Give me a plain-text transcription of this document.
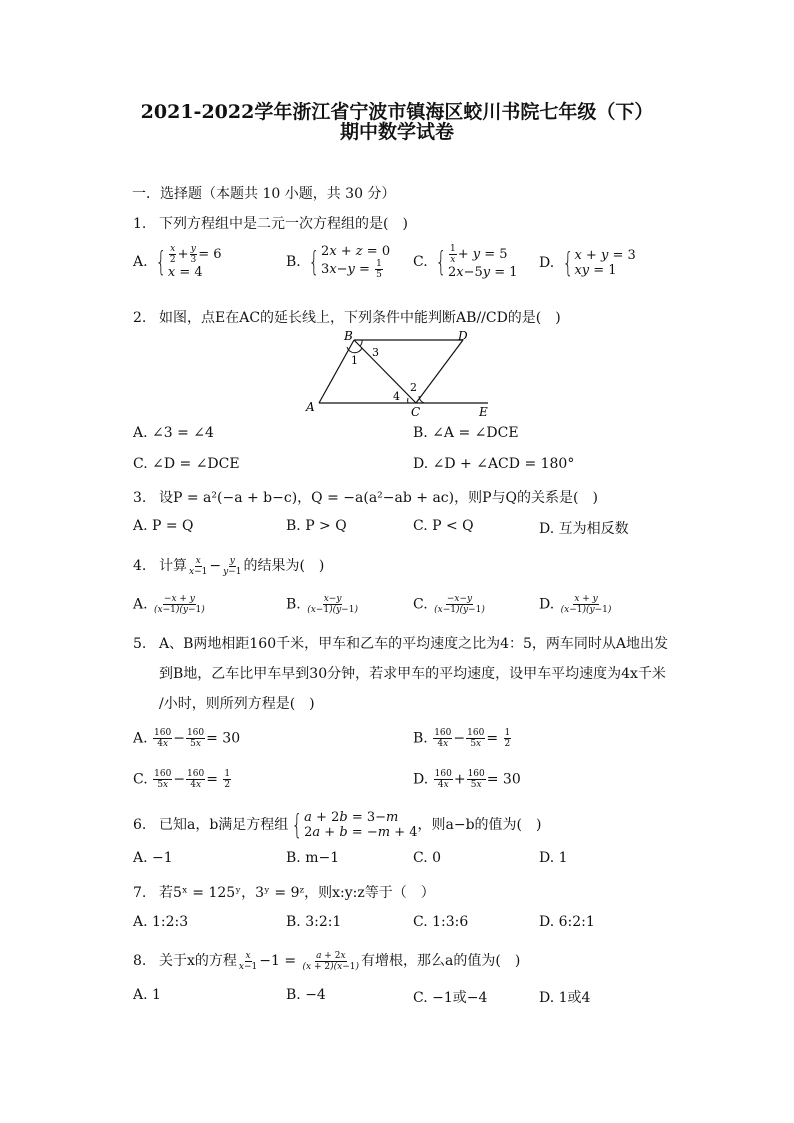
2021-2022学年浙江省宁波市镇海区蛟川书院七年级（下）
期中数学试卷
一．选择题（本题共 10 小题，共 30 分）
1. 下列方程组中是二元一次方程组的是(　)
A. { $\frac{x}{2} + \frac{y}{3} = 6$
x = 4
B. { 2x + z = 0
$3x-y = \frac{1}{5} C$. { $\frac{1}{x} + y = 5$
2x−5y = 1
D. { x + y = 3
xy = 1
2. 如图，点E在AC的延长线上，下列条件中能判断AB//CD的是(　)
B	D
A	C	E
1
2
3
4
A. ∠3 = ∠4	B. ∠A = ∠DCE
C. ∠D = ∠DCE	D. ∠D + ∠ACD = 180°
3. 设P = a²(−a + b−c)，Q = −a(a²−ab + ac)，则P与Q的关系是(　)
A. P = Q	B. P > Q	C. P < Q	D. 互为相反数
4. 计算 $\frac{x}{x-1} - \frac{y}{y-1}$ 的结果为(　)
A. $\frac{-x + y}{(x-1)(y-1)}$	B. $\frac{x-y}{(x-1)(y-1)}$	C. $\frac{-x-y}{(x-1)(y-1)}$	D. $\frac{x + y}{(x-1)(y-1)}$
5. A、B两地相距160千米，甲车和乙车的平均速度之比为4：5，两车同时从A地出发
到B地，乙车比甲车早到30分钟，若求甲车的平均速度，设甲车平均速度为4x千米
/小时，则所列方程是(　)
A. $\frac{160}{4x} - \frac{160}{5x} = 30$	B. $\frac{160}{4x} - \frac{160}{5x} = \frac{1}{2}$
C. $\frac{160}{5x} - \frac{160}{4x} = \frac{1}{2}$	D. $\frac{160}{4x} + \frac{160}{5x} = 30$
6. 已知a，b满足方程组 { a + 2b = 3−m
2a + b = −m + 4 ，则a−b的值为(　)
A. −1	B. m−1	C. 0	D. 1
7. 若5ˣ = 125ʸ，3ʸ = 9ᶻ，则x:y:z等于（　）
A. 1:2:3	B. 3:2:1	C. 1:3:6	D. 6:2:1
8. 关于x的方程 $\frac{x}{x-1} -1 = \frac{a + 2x}{(x + 2)(x-1)}$ 有增根，那么a的值为(　)
A. 1	B. −4	C. −1或−4	D. 1或4
